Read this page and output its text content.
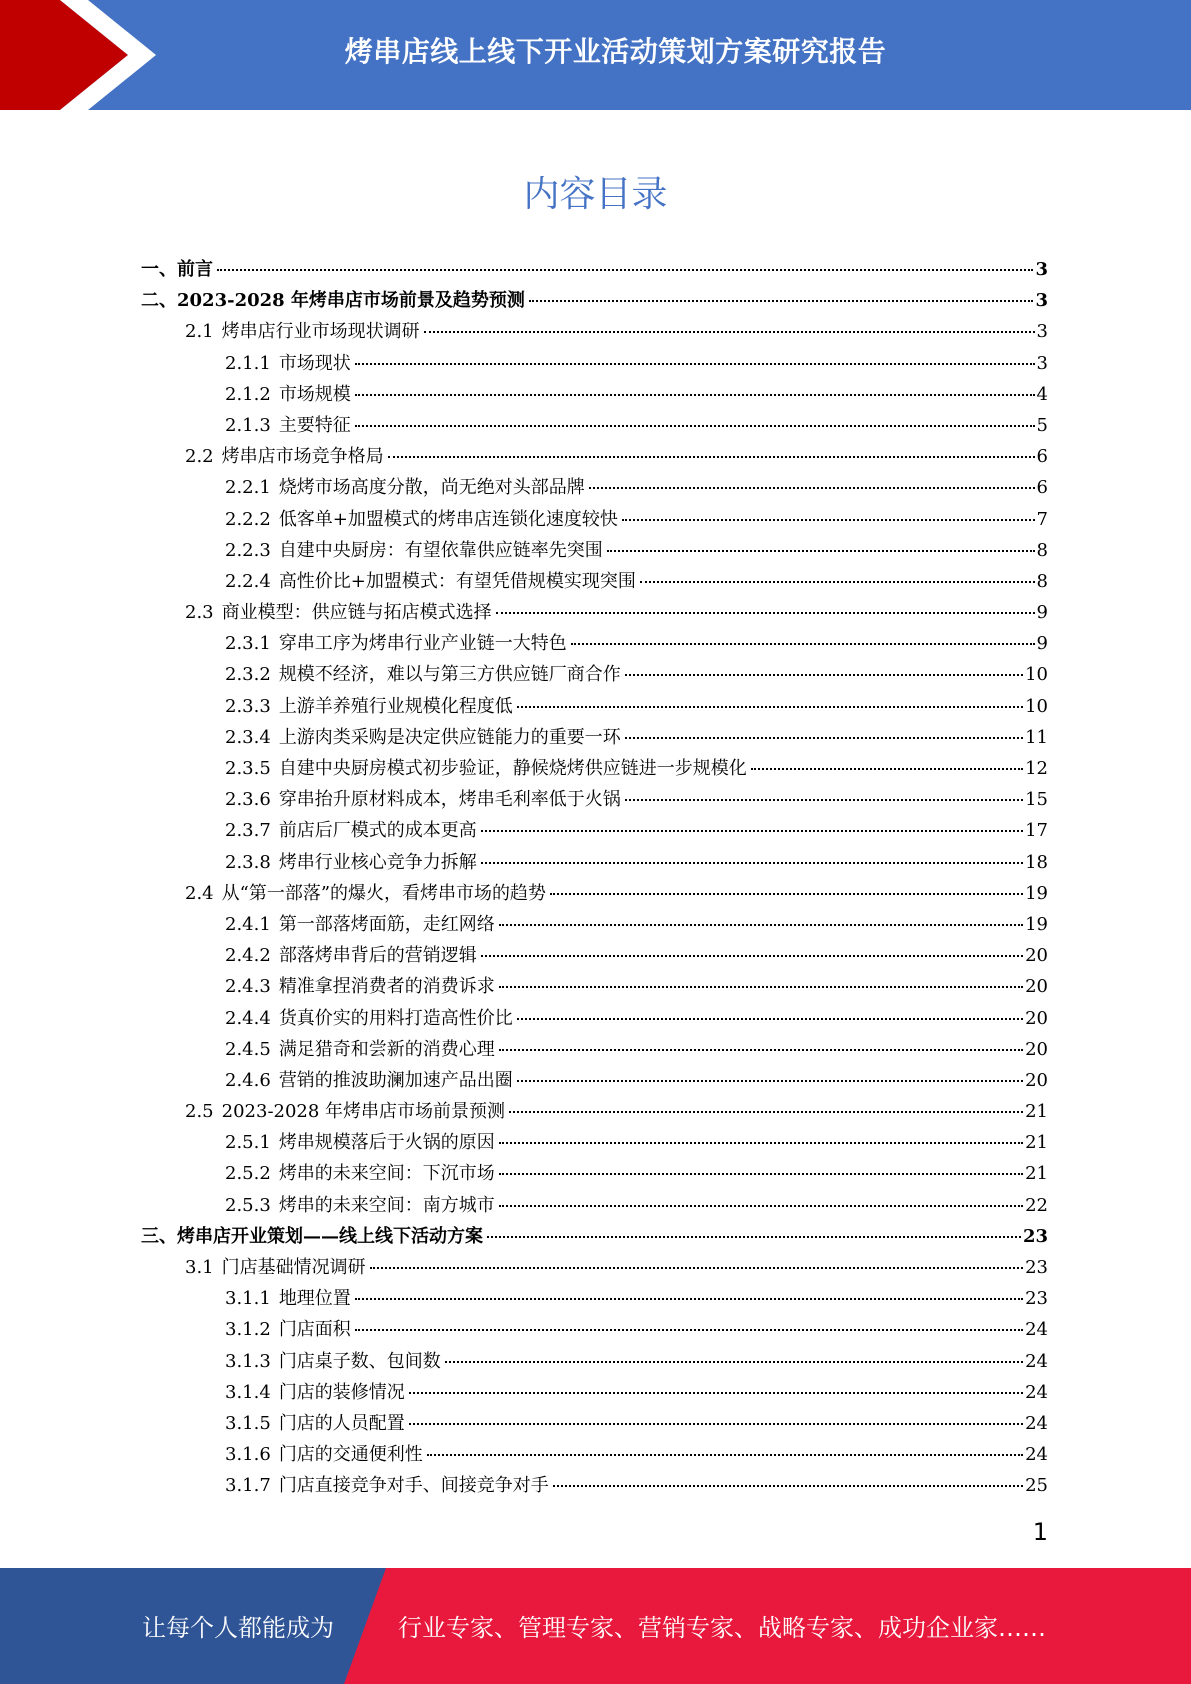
烤串店线上线下开业活动策划方案研究报告
内容目录
一、 前言	3
二、 2023-2028 年烤串店市场前景及趋势预测	3
2.1 烤串店行业市场现状调研	3
2.1.1 市场现状	3
2.1.2 市场规模	4
2.1.3 主要特征	5
2.2 烤串店市场竞争格局	6
2.2.1 烧烤市场高度分散，尚无绝对头部品牌	6
2.2.2 低客单+加盟模式的烤串店连锁化速度较快	7
2.2.3 自建中央厨房：有望依靠供应链率先突围	8
2.2.4 高性价比+加盟模式：有望凭借规模实现突围	8
2.3 商业模型：供应链与拓店模式选择	9
2.3.1 穿串工序为烤串行业产业链一大特色	9
2.3.2 规模不经济，难以与第三方供应链厂商合作	10
2.3.3 上游羊养殖行业规模化程度低	10
2.3.4 上游肉类采购是决定供应链能力的重要一环	11
2.3.5 自建中央厨房模式初步验证，静候烧烤供应链进一步规模化	12
2.3.6 穿串抬升原材料成本，烤串毛利率低于火锅	15
2.3.7 前店后厂模式的成本更高	17
2.3.8 烤串行业核心竞争力拆解	18
2.4 从“第一部落”的爆火，看烤串市场的趋势	19
2.4.1 第一部落烤面筋，走红网络	19
2.4.2 部落烤串背后的营销逻辑	20
2.4.3 精准拿捏消费者的消费诉求	20
2.4.4 货真价实的用料打造高性价比	20
2.4.5 满足猎奇和尝新的消费心理	20
2.4.6 营销的推波助澜加速产品出圈	20
2.5 2023-2028 年烤串店市场前景预测	21
2.5.1 烤串规模落后于火锅的原因	21
2.5.2 烤串的未来空间：下沉市场	21
2.5.3 烤串的未来空间：南方城市	22
三、 烤串店开业策划——线上线下活动方案	23
3.1 门店基础情况调研	23
3.1.1 地理位置	23
3.1.2 门店面积	24
3.1.3 门店桌子数、包间数	24
3.1.4 门店的装修情况	24
3.1.5 门店的人员配置	24
3.1.6 门店的交通便利性	24
3.1.7 门店直接竞争对手、间接竞争对手	25
1
让每个人都能成为	行业专家、管理专家、营销专家、战略专家、成功企业家……
